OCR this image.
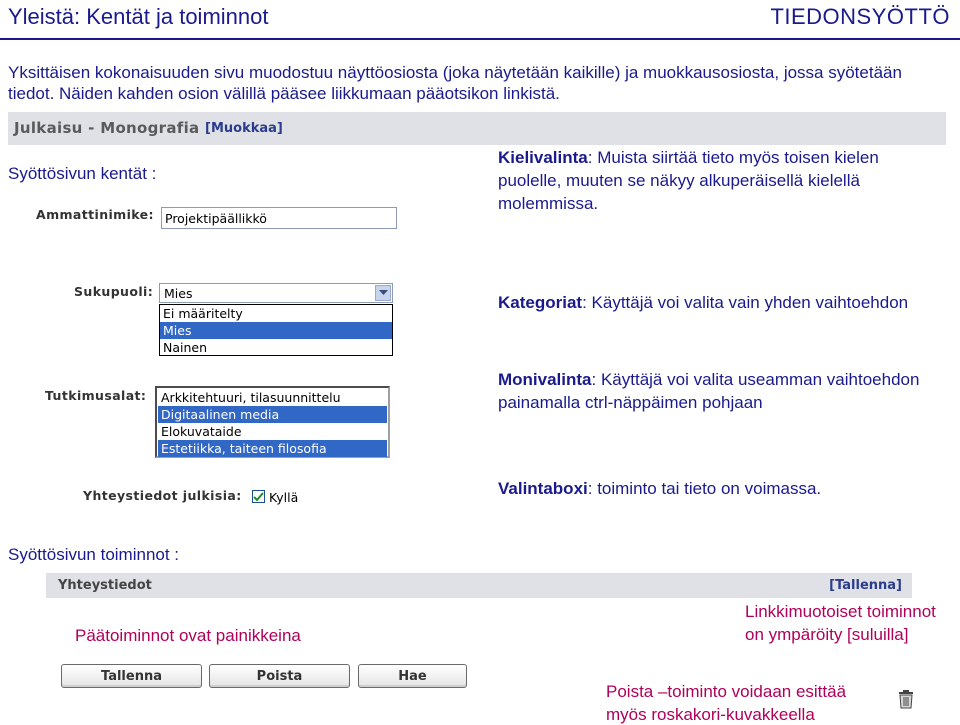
Yleistä: Kentät ja toiminnot	TIEDONSYÖTTÖ
Yksittäisen kokonaisuuden sivu muodostuu näyttöosiosta (joka näytetään kaikille) ja muokkausosiosta, jossa syötetään tiedot. Näiden kahden osion välillä pääsee liikkumaan pääotsikon linkistä.
Julkaisu - Monografia [Muokkaa]
Syöttösivun kentät :
Ammattinimike: Projektipäällikkö
Kielivalinta: Muista siirtää tieto myös toisen kielen puolelle, muuten se näkyy alkuperäisellä kielellä molemmissa.
Sukupuoli: Mies
Ei määritelty
Mies
Nainen
Kategoriat: Käyttäjä voi valita vain yhden vaihtoehdon
Tutkimusalat: Arkkitehtuuri, tilasuunnittelu
Digitaalinen media
Elokuvataide
Estetiikka, taiteen filosofia
Monivalinta: Käyttäjä voi valita useamman vaihtoehdon painamalla ctrl-näppäimen pohjaan
Yhteystiedot julkisia: Kyllä	Valintaboxi: toiminto tai tieto on voimassa.
Syöttösivun toiminnot :
Yhteystiedot	[Tallenna]
Linkkimuotoiset toiminnot on ympäröity [suluilla]
Päätoiminnot ovat painikkeina
Tallenna	Poista	Hae
Poista –toiminto voidaan esittää myös roskakori-kuvakkeella
